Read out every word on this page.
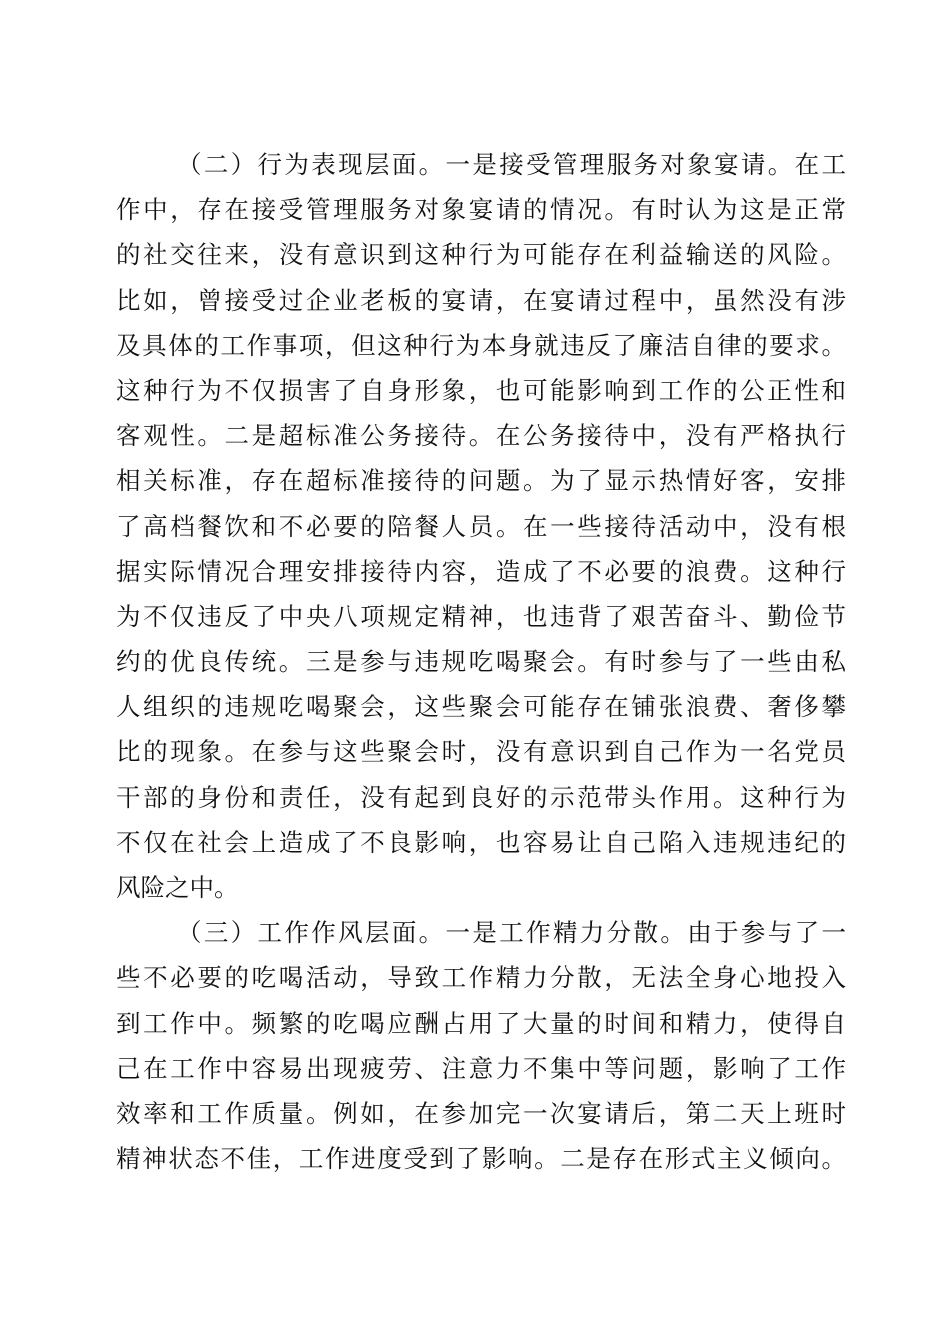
（二）行为表现层面。一是接受管理服务对象宴请。在工
作中，存在接受管理服务对象宴请的情况。有时认为这是正常
的社交往来，没有意识到这种行为可能存在利益输送的风险。
比如，曾接受过企业老板的宴请，在宴请过程中，虽然没有涉
及具体的工作事项，但这种行为本身就违反了廉洁自律的要求。
这种行为不仅损害了自身形象，也可能影响到工作的公正性和
客观性。二是超标准公务接待。在公务接待中，没有严格执行
相关标准，存在超标准接待的问题。为了显示热情好客，安排
了高档餐饮和不必要的陪餐人员。在一些接待活动中，没有根
据实际情况合理安排接待内容，造成了不必要的浪费。这种行
为不仅违反了中央八项规定精神，也违背了艰苦奋斗、勤俭节
约的优良传统。三是参与违规吃喝聚会。有时参与了一些由私
人组织的违规吃喝聚会，这些聚会可能存在铺张浪费、奢侈攀
比的现象。在参与这些聚会时，没有意识到自己作为一名党员
干部的身份和责任，没有起到良好的示范带头作用。这种行为
不仅在社会上造成了不良影响，也容易让自己陷入违规违纪的
风险之中。
（三）工作作风层面。一是工作精力分散。由于参与了一
些不必要的吃喝活动，导致工作精力分散，无法全身心地投入
到工作中。频繁的吃喝应酬占用了大量的时间和精力，使得自
己在工作中容易出现疲劳、注意力不集中等问题，影响了工作
效率和工作质量。例如，在参加完一次宴请后，第二天上班时
精神状态不佳，工作进度受到了影响。二是存在形式主义倾向。
